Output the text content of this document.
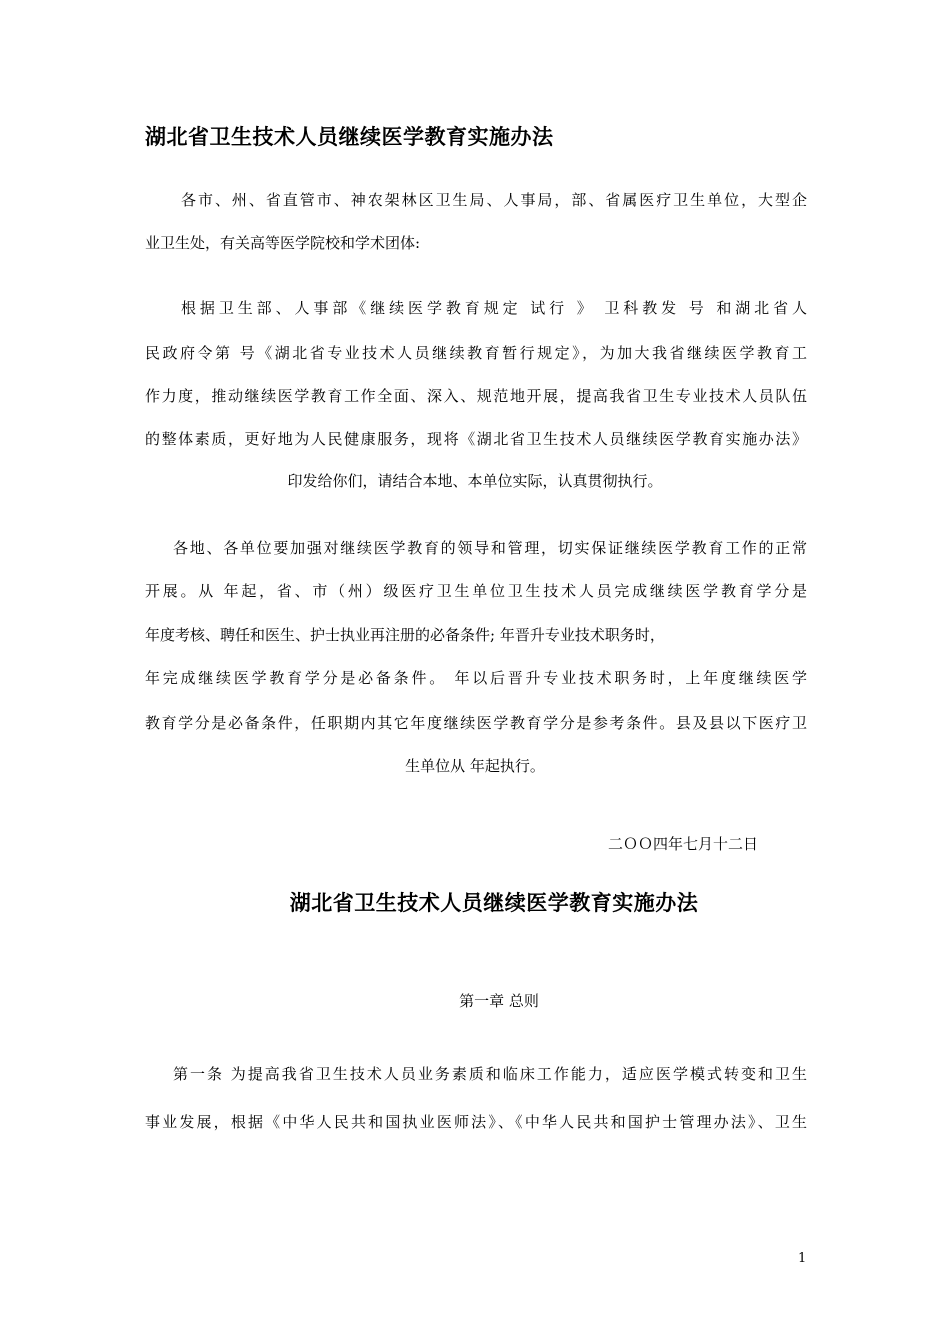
湖北省卫生技术人员继续医学教育实施办法
各市、州、省直管市、神农架林区卫生局、人事局，部、省属医疗卫生单位，大型企
业卫生处，有关高等医学院校和学术团体:
根据卫生部、人事部《继续医学教育规定 试行 》 卫科教发 号 和湖北省人
民政府令第 号《湖北省专业技术人员继续教育暂行规定》，为加大我省继续医学教育工
作力度，推动继续医学教育工作全面、深入、规范地开展，提高我省卫生专业技术人员队伍
的整体素质，更好地为人民健康服务，现将《湖北省卫生技术人员继续医学教育实施办法》
印发给你们，请结合本地、本单位实际，认真贯彻执行。
各地、各单位要加强对继续医学教育的领导和管理，切实保证继续医学教育工作的正常
开展。从 年起，省、市（州）级医疗卫生单位卫生技术人员完成继续医学教育学分是
年度考核、聘任和医生、护士执业再注册的必备条件; 年晋升专业技术职务时，
年完成继续医学教育学分是必备条件。 年以后晋升专业技术职务时，上年度继续医学
教育学分是必备条件，任职期内其它年度继续医学教育学分是参考条件。县及县以下医疗卫
生单位从 年起执行。
二ＯＯ四年七月十二日
湖北省卫生技术人员继续医学教育实施办法
第一章 总则
第一条 为提高我省卫生技术人员业务素质和临床工作能力，适应医学模式转变和卫生
事业发展，根据《中华人民共和国执业医师法》、《中华人民共和国护士管理办法》、卫生
1
